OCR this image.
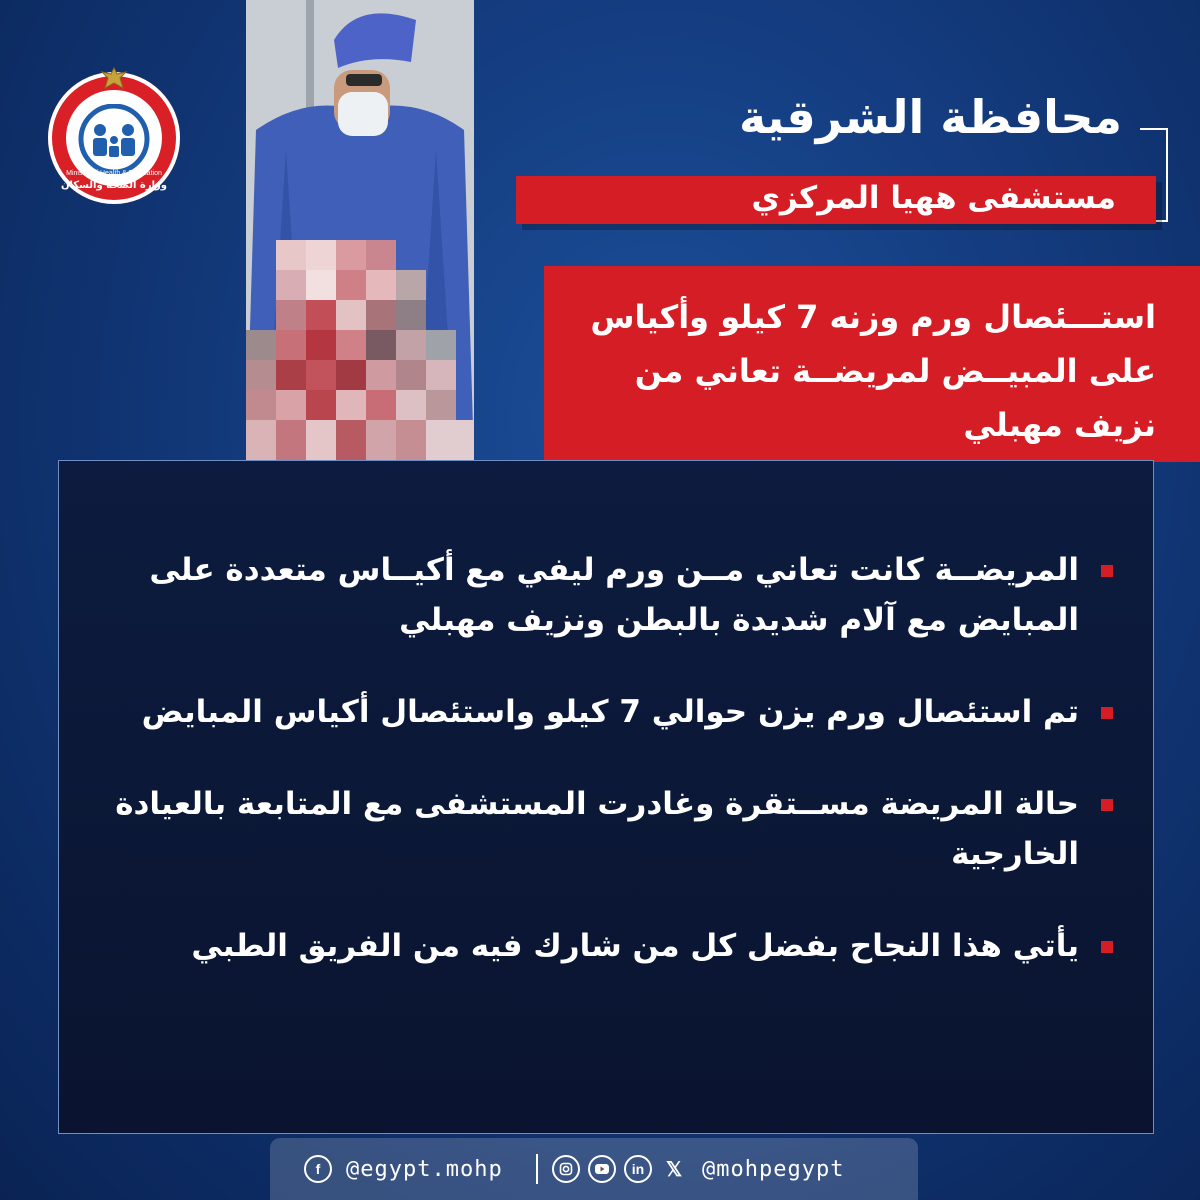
Ministry of Health & Population
وزارة الصحة والسكان
محافظة الشرقية
مستشفى ههيا المركزي
استـــئصال ورم وزنه 7 كيلو وأكياس
على المبيــض لمريضــة تعاني من
نزيف مهبلي
المريضــة كانت تعاني مــن ورم ليفي مع أكيــاس متعددة على المبايض مع آلام شديدة بالبطن ونزيف مهبلي
تم استئصال ورم يزن حوالي 7 كيلو واستئصال أكياس المبايض
حالة المريضة مســتقرة وغادرت المستشفى مع المتابعة بالعيادة الخارجية
يأتي هذا النجاح بفضل كل من شارك فيه من الفريق الطبي
f	@egypt.mohp	in	𝕏 @mohpegypt
